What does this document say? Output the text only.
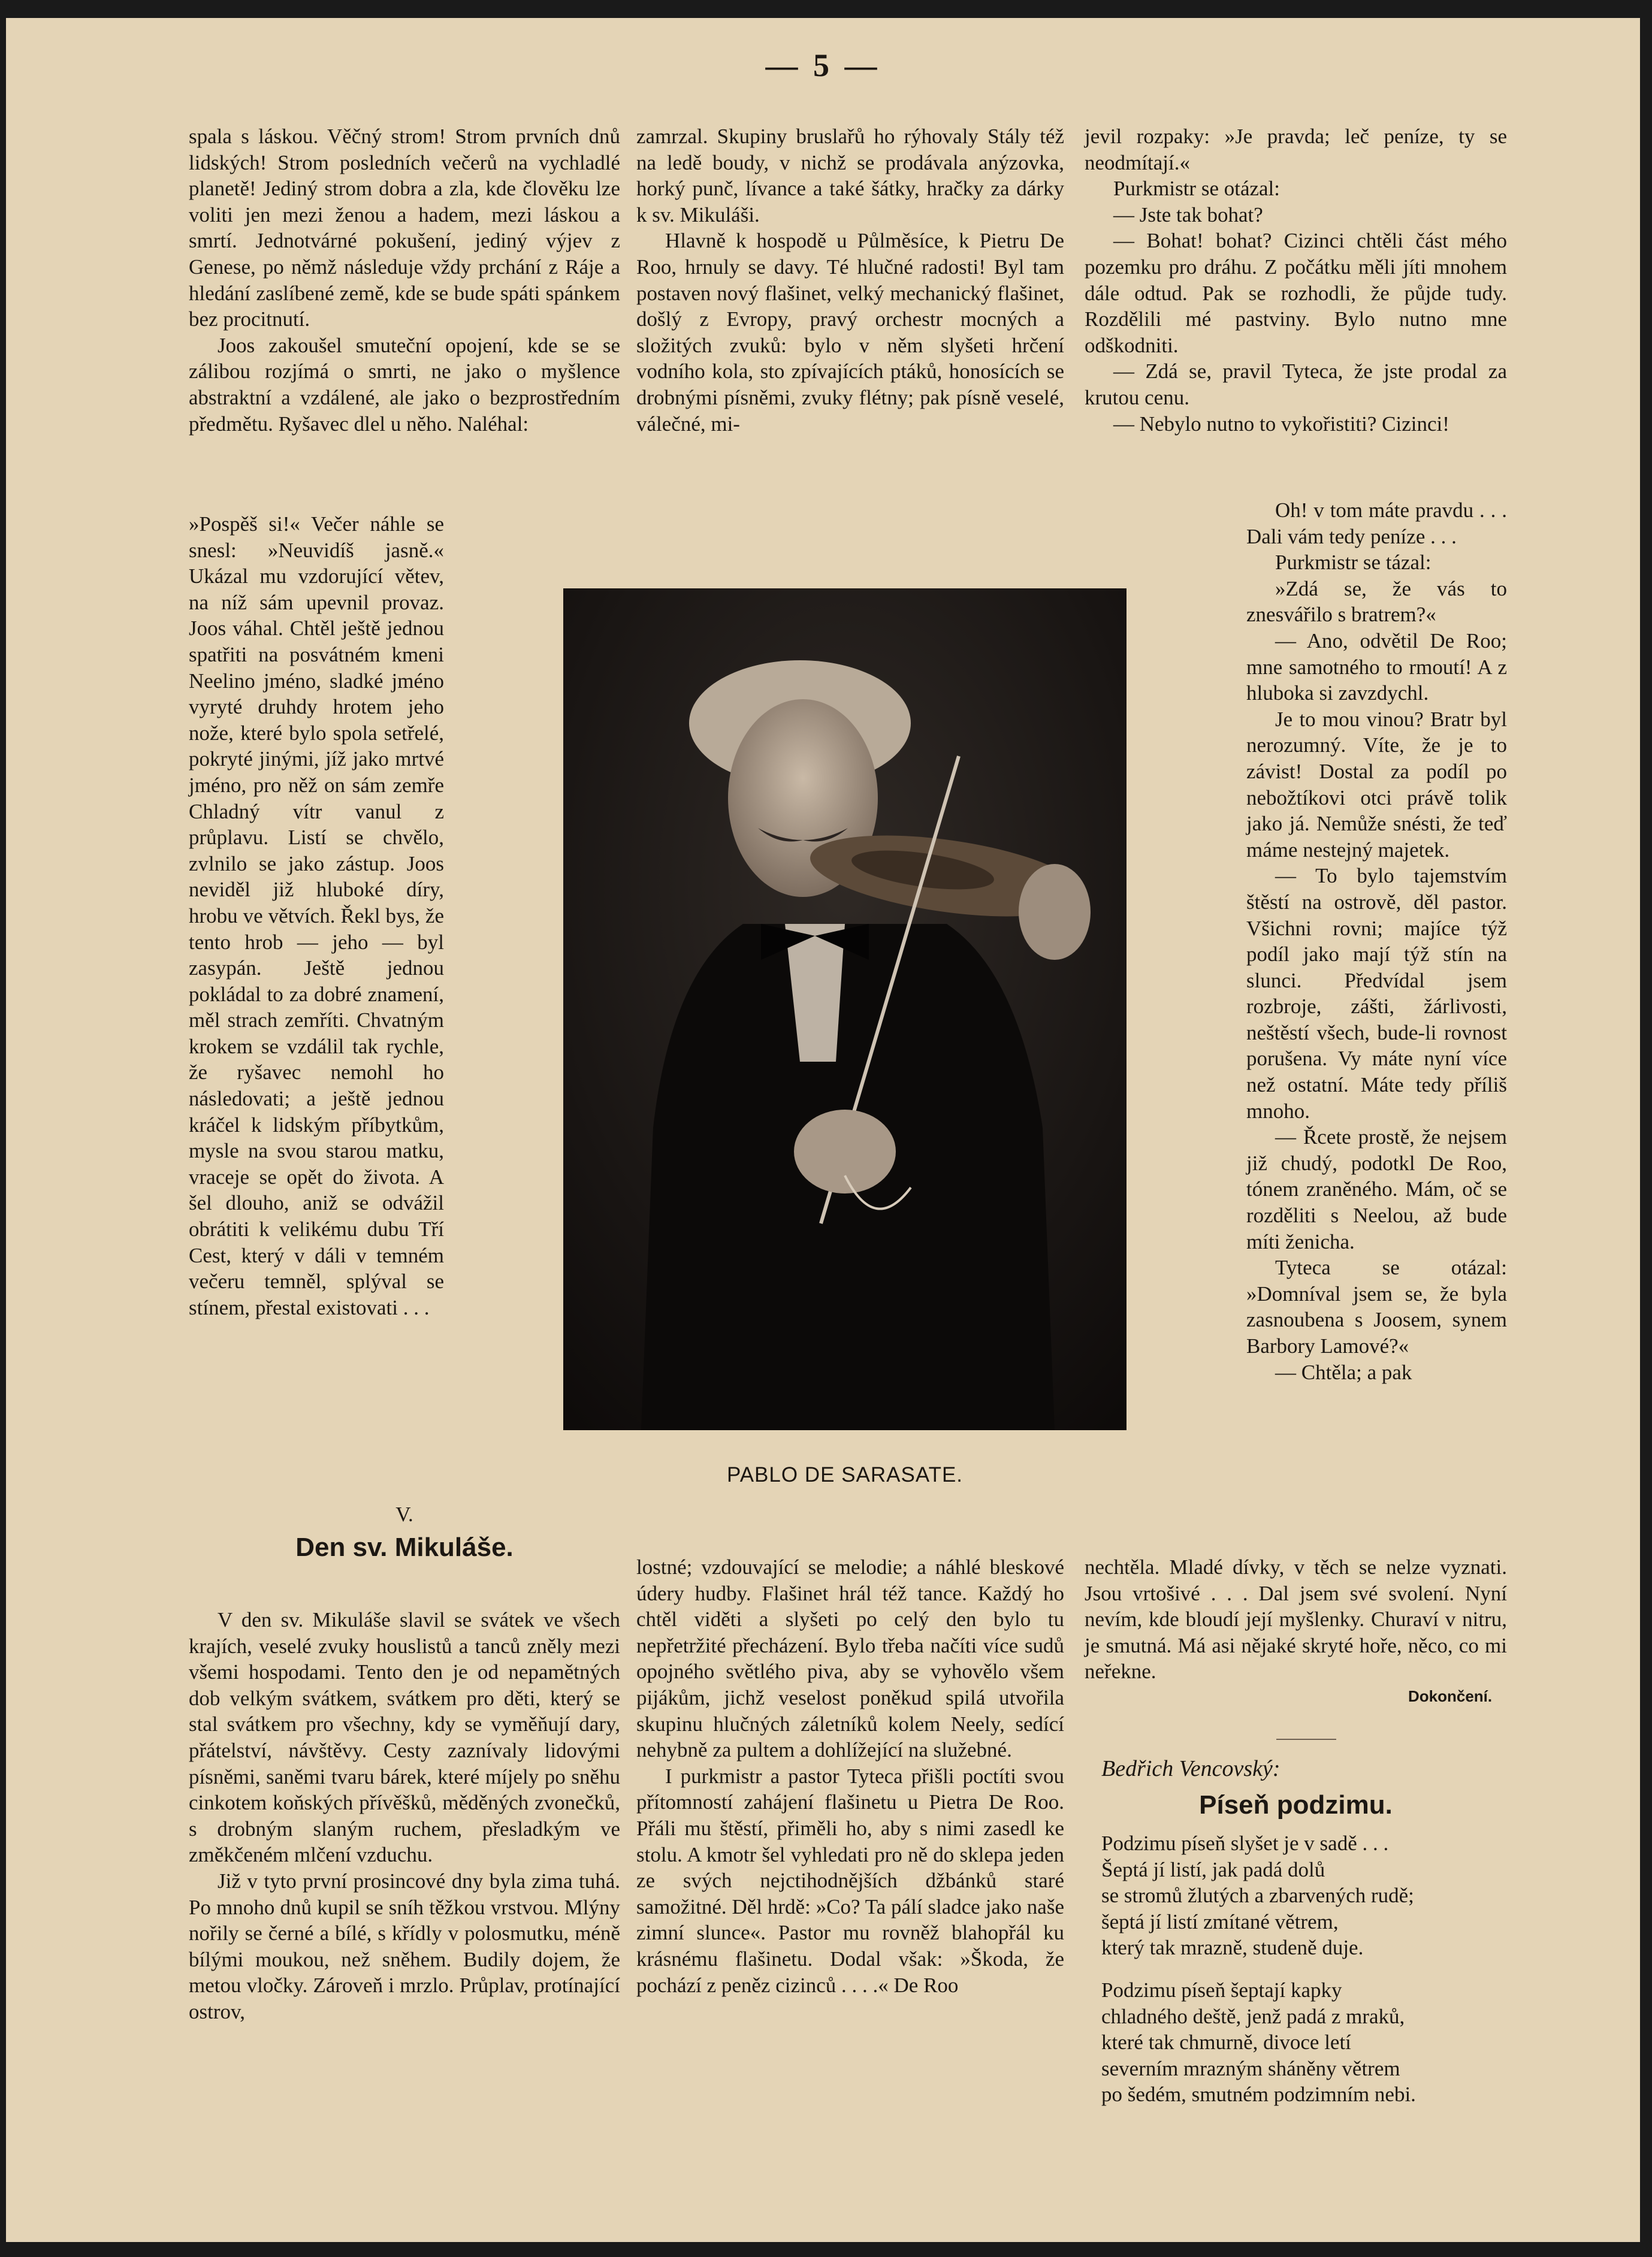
— 5 —

spala s láskou. Věčný strom! Strom prvních dnů lidských! Strom posledních večerů na vychladlé planetě! Jediný strom dobra a zla, kde člověku lze voliti jen mezi ženou a hadem, mezi láskou a smrtí. Jednotvárné pokušení, jediný výjev z Genese, po němž následuje vždy prchání z Ráje a hledání zaslíbené země, kde se bude spáti spánkem bez procitnutí.

Joos zakoušel smuteční opojení, kde se se zálibou rozjímá o smrti, ne jako o myšlence abstraktní a vzdálené, ale jako o bezprostředním předmětu. Ryšavec dlel u něho. Naléhal:

»Pospěš si!« Večer náhle se snesl: »Neuvidíš jasně.« Ukázal mu vzdorující větev, na níž sám upevnil provaz. Joos váhal. Chtěl ještě jednou spatřiti na posvátném kmeni Neelino jméno, sladké jméno vyryté druhdy hrotem jeho nože, které bylo spola setřelé, pokryté jinými, jíž jako mrtvé jméno, pro něž on sám zemře Chladný vítr vanul z průplavu. Listí se chvělo, zvlnilo se jako zástup. Joos neviděl již hluboké díry, hrobu ve větvích. Řekl bys, že tento hrob — jeho — byl zasypán. Ještě jednou pokládal to za dobré znamení, měl strach zemříti. Chvatným krokem se vzdálil tak rychle, že ryšavec nemohl ho následovati; a ještě jednou kráčel k lidským příbytkům, mysle na svou starou matku, vraceje se opět do života. A šel dlouho, aniž se odvážil obrátiti k velikému dubu Tří Cest, který v dáli v temném večeru temněl, splýval se stínem, přestal existovati . . .

V.
Den sv. Mikuláše.

V den sv. Mikuláše slavil se svátek ve všech krajích, veselé zvuky houslistů a tanců zněly mezi všemi hospodami. Tento den je od nepamětných dob velkým svátkem, svátkem pro děti, který se stal svátkem pro všechny, kdy se vyměňují dary, přátelství, návštěvy. Cesty zaznívaly lidovými písněmi, saněmi tvaru bárek, které míjely po sněhu cinkotem koňských přívěšků, měděných zvonečků, s drobným slaným ruchem, přesladkým ve změkčeném mlčení vzduchu.

Již v tyto první prosincové dny byla zima tuhá. Po mnoho dnů kupil se sníh těžkou vrstvou. Mlýny nořily se černé a bílé, s křídly v polosmutku, méně bílými moukou, než sněhem. Budily dojem, že metou vločky. Zároveň i mrzlo. Průplav, protínající ostrov,

zamrzal. Skupiny bruslařů ho rýhovaly Stály též na ledě boudy, v nichž se prodávala anýzovka, horký punč, lívance a také šátky, hračky za dárky k sv. Mikuláši.

Hlavně k hospodě u Půlměsíce, k Pietru De Roo, hrnuly se davy. Té hlučné radosti! Byl tam postaven nový flašinet, velký mechanický flašinet, došlý z Evropy, pravý orchestr mocných a složitých zvuků: bylo v něm slyšeti hrčení vodního kola, sto zpívajících ptáků, honosících se drobnými písněmi, zvuky flétny; pak písně veselé, válečné, mi-

PABLO DE SARASATE.

lostné; vzdouvající se melodie; a náhlé bleskové údery hudby. Flašinet hrál též tance. Každý ho chtěl viděti a slyšeti po celý den bylo tu nepřetržité přecházení. Bylo třeba načíti více sudů opojného světlého piva, aby se vyhovělo všem pijákům, jichž veselost poněkud spilá utvořila skupinu hlučných záletníků kolem Neely, sedící nehybně za pultem a dohlížející na služebné.

I purkmistr a pastor Tyteca přišli poctíti svou přítomností zahájení flašinetu u Pietra De Roo. Přáli mu štěstí, přiměli ho, aby s nimi zasedl ke stolu. A kmotr šel vyhledati pro ně do sklepa jeden ze svých nejctihodnějších džbánků staré samožitné. Děl hrdě: »Co? Ta pálí sladce jako naše zimní slunce«. Pastor mu rovněž blahopřál ku krásnému flašinetu. Dodal však: »Škoda, že pochází z peněz cizinců . . . .« De Roo

jevil rozpaky: »Je pravda; leč peníze, ty se neodmítají.«

Purkmistr se otázal:

— Jste tak bohat?

— Bohat! bohat? Cizinci chtěli část mého pozemku pro dráhu. Z počátku měli jíti mnohem dále odtud. Pak se rozhodli, že půjde tudy. Rozdělili mé pastviny. Bylo nutno mne odškodniti.

— Zdá se, pravil Tyteca, že jste prodal za krutou cenu.

— Nebylo nutno to vykořistiti? Cizinci!

Oh! v tom máte pravdu . . . Dali vám tedy peníze . . .

Purkmistr se tázal:

»Zdá se, že vás to znesvářilo s bratrem?«

— Ano, odvětil De Roo; mne samotného to rmoutí! A z hluboka si zavzdychl.

Je to mou vinou? Bratr byl nerozumný. Víte, že je to závist! Dostal za podíl po nebožtíkovi otci právě tolik jako já. Nemůže snésti, že teď máme nestejný majetek.

— To bylo tajemstvím štěstí na ostrově, děl pastor. Všichni rovni; majíce týž podíl jako mají týž stín na slunci. Předvídal jsem rozbroje, zášti, žárlivosti, neštěstí všech, bude-li rovnost porušena. Vy máte nyní více než ostatní. Máte tedy příliš mnoho.

— Řcete prostě, že nejsem již chudý, podotkl De Roo, tónem zraněného. Mám, oč se rozděliti s Neelou, až bude míti ženicha.

Tyteca se otázal: »Domníval jsem se, že byla zasnoubena s Joosem, synem Barbory Lamové?«

— Chtěla; a pak

nechtěla. Mladé dívky, v těch se nelze vyznati. Jsou vrtošivé . . . Dal jsem své svolení. Nyní nevím, kde bloudí její myšlenky. Churaví v nitru, je smutná. Má asi nějaké skryté hoře, něco, co mi neřekne.

Dokončení.
Bedřich Vencovský:
Píseň podzimu.
Podzimu píseň slyšet je v sadě . . .
Šeptá jí listí, jak padá dolů
se stromů žlutých a zbarvených rudě;
šeptá jí listí zmítané větrem,
který tak mrazně, studeně duje.
Podzimu píseň šeptají kapky
chladného deště, jenž padá z mraků,
které tak chmurně, divoce letí
severním mrazným sháněny větrem
po šedém, smutném podzimním nebi.
